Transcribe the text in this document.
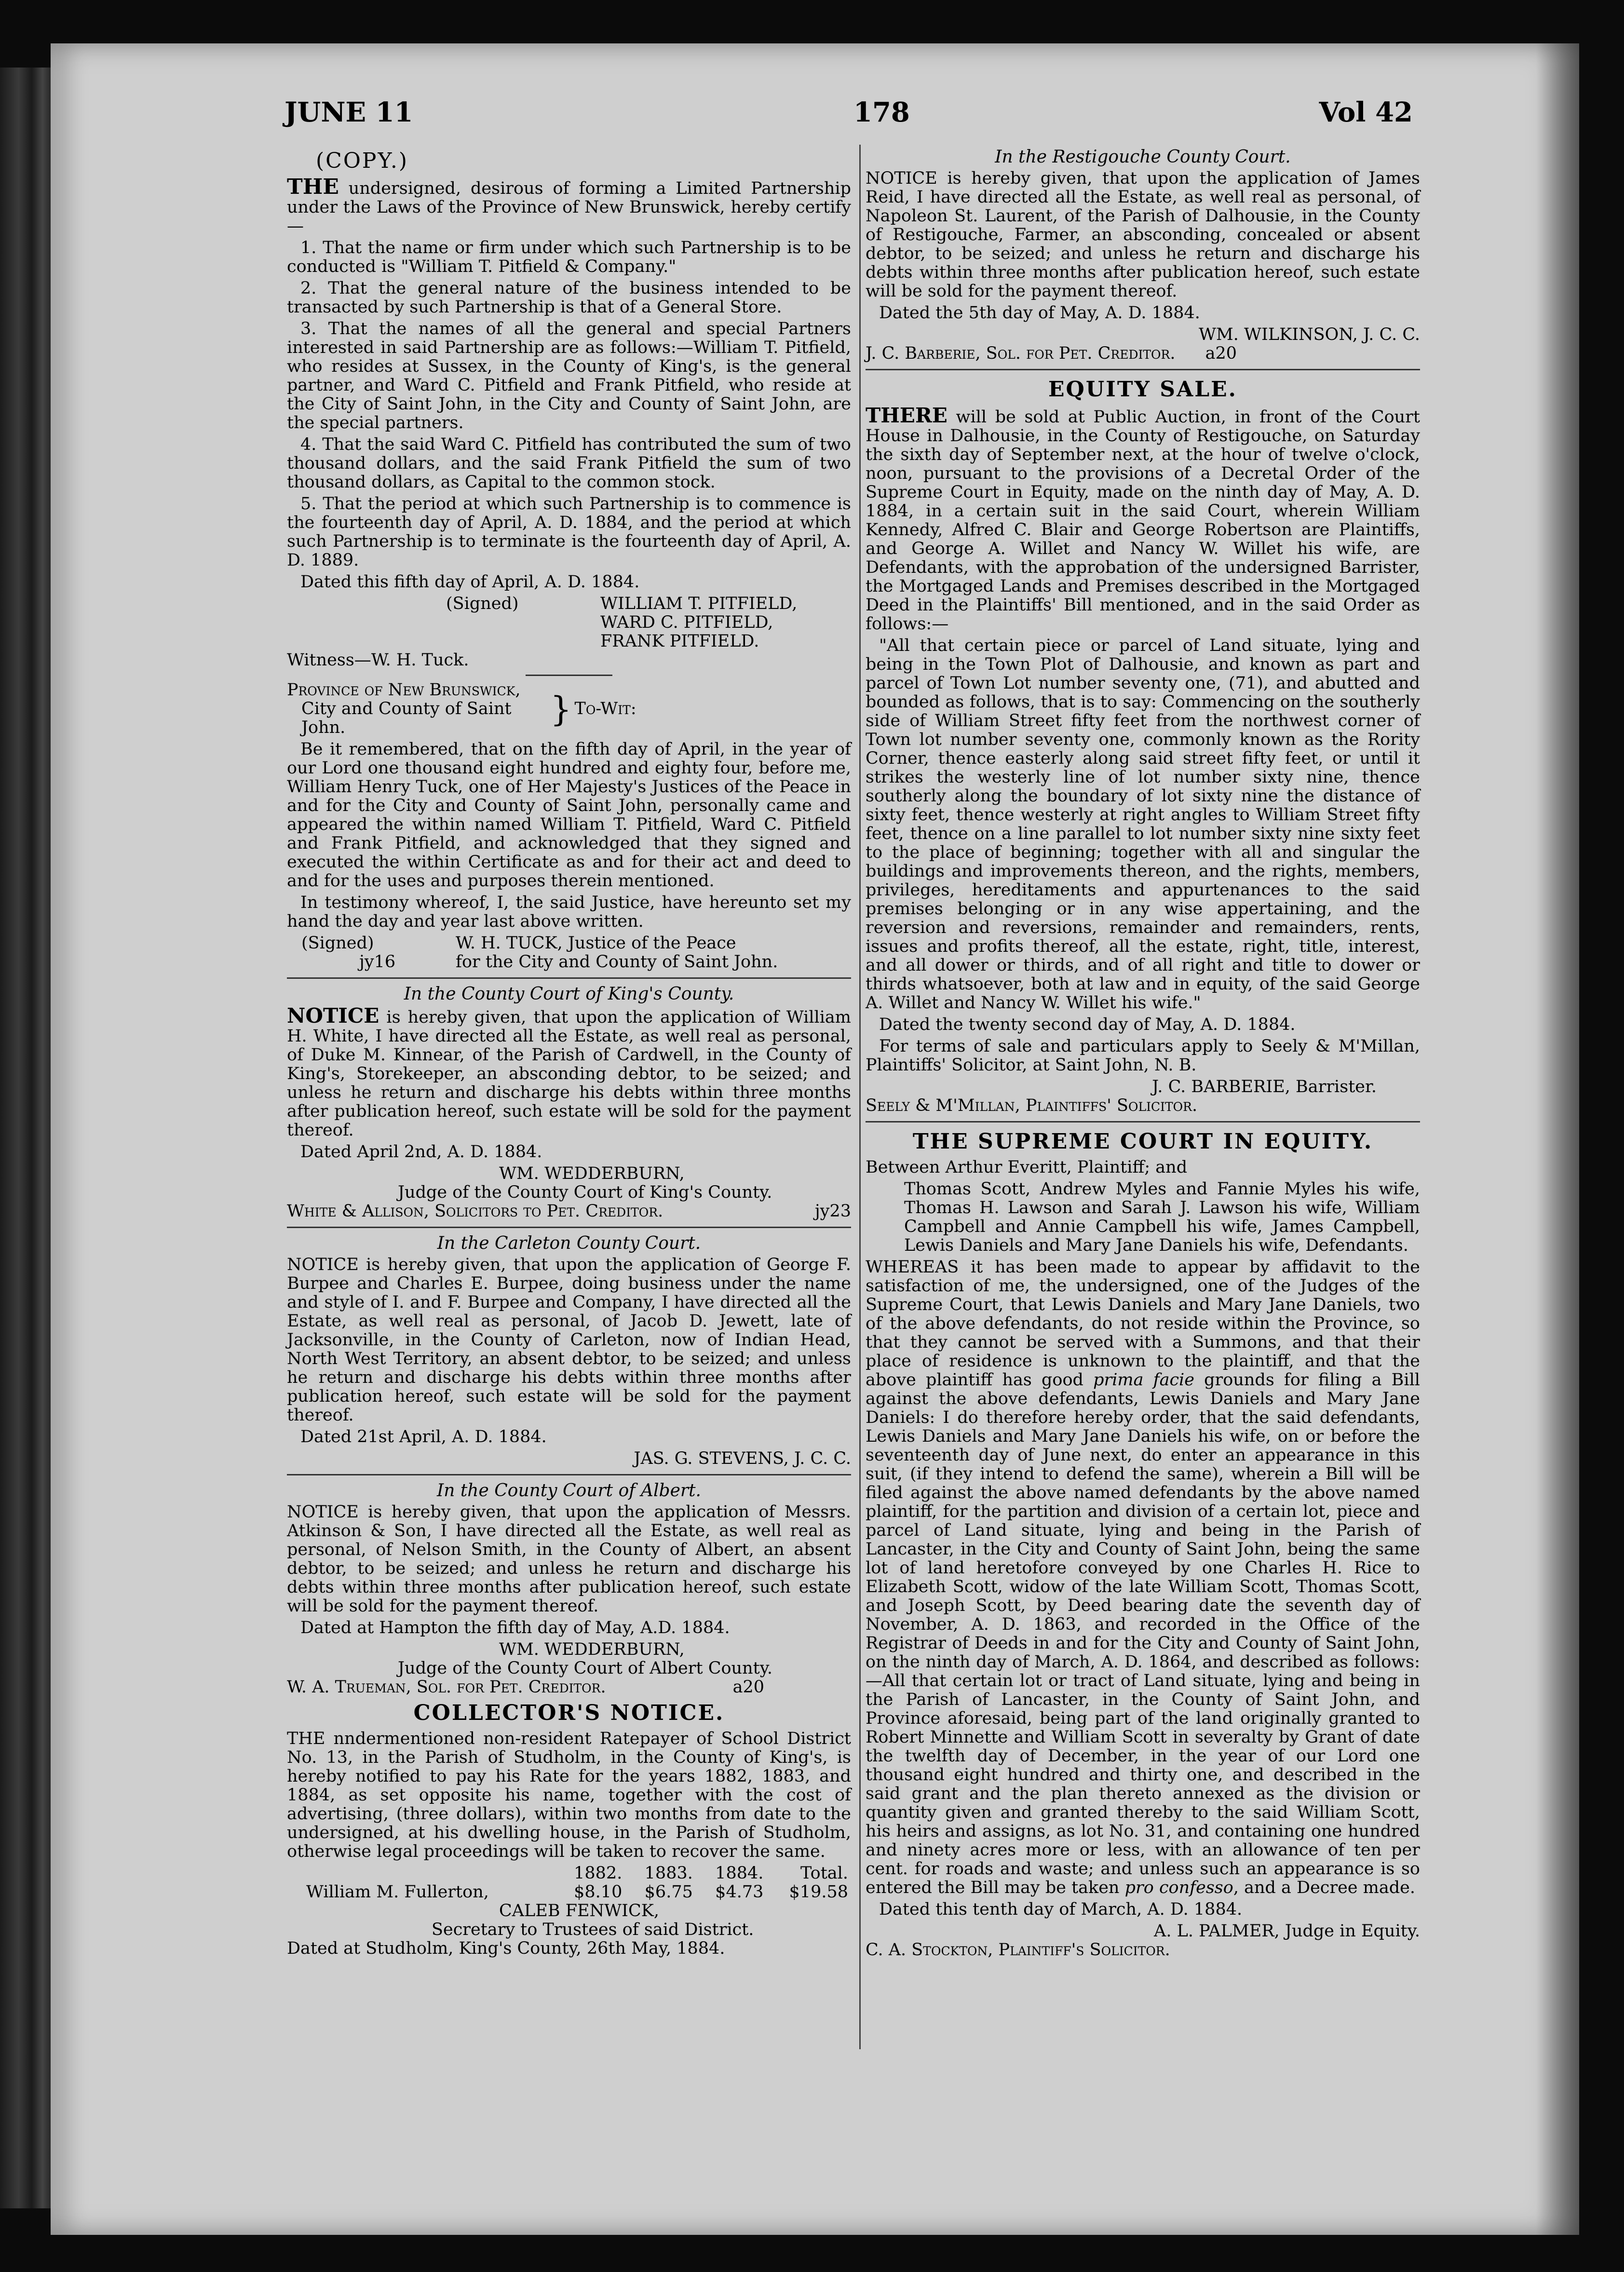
JUNE 11	178	Vol 42
(COPY.)

THE undersigned, desirous of forming a Limited Partnership under the Laws of the Province of New Brunswick, hereby certify—

1. That the name or firm under which such Partnership is to be conducted is "William T. Pitfield & Company."

2. That the general nature of the business intended to be transacted by such Partnership is that of a General Store.

3. That the names of all the general and special Partners interested in said Partnership are as follows:—William T. Pitfield, who resides at Sussex, in the County of King's, is the general partner, and Ward C. Pitfield and Frank Pitfield, who reside at the City of Saint John, in the City and County of Saint John, are the special partners.

4. That the said Ward C. Pitfield has contributed the sum of two thousand dollars, and the said Frank Pitfield the sum of two thousand dollars, as Capital to the common stock.

5. That the period at which such Partnership is to commence is the fourteenth day of April, A. D. 1884, and the period at which such Partnership is to terminate is the fourteenth day of April, A. D. 1889.

Dated this fifth day of April, A. D. 1884.

(Signed)	WILLIAM T. PITFIELD,
WARD C. PITFIELD,
FRANK PITFIELD.

Witness—W. H. Tuck.

Province of New Brunswick,
City and County of Saint John.	} To-Wit:

Be it remembered, that on the fifth day of April, in the year of our Lord one thousand eight hundred and eighty four, before me, William Henry Tuck, one of Her Majesty's Justices of the Peace in and for the City and County of Saint John, personally came and appeared the within named William T. Pitfield, Ward C. Pitfield and Frank Pitfield, and acknowledged that they signed and executed the within Certificate as and for their act and deed to and for the uses and purposes therein mentioned.

In testimony whereof, I, the said Justice, have hereunto set my hand the day and year last above written.

(Signed)	W. H. TUCK, Justice of the Peace
jy16	for the City and County of Saint John.
In the County Court of King's County.

NOTICE is hereby given, that upon the application of William H. White, I have directed all the Estate, as well real as personal, of Duke M. Kinnear, of the Parish of Cardwell, in the County of King's, Storekeeper, an absconding debtor, to be seized; and unless he return and discharge his debts within three months after publication hereof, such estate will be sold for the payment thereof.

Dated April 2nd, A. D. 1884.

WM. WEDDERBURN,
Judge of the County Court of King's County.
White & Allison, Solicitors to Pet. Creditor.	jy23
In the Carleton County Court.

NOTICE is hereby given, that upon the application of George F. Burpee and Charles E. Burpee, doing business under the name and style of I. and F. Burpee and Company, I have directed all the Estate, as well real as personal, of Jacob D. Jewett, late of Jacksonville, in the County of Carleton, now of Indian Head, North West Territory, an absent debtor, to be seized; and unless he return and discharge his debts within three months after publication hereof, such estate will be sold for the payment thereof.

Dated 21st April, A. D. 1884.

JAS. G. STEVENS, J. C. C.
In the County Court of Albert.

NOTICE is hereby given, that upon the application of Messrs. Atkinson & Son, I have directed all the Estate, as well real as personal, of Nelson Smith, in the County of Albert, an absent debtor, to be seized; and unless he return and discharge his debts within three months after publication hereof, such estate will be sold for the payment thereof.

Dated at Hampton the fifth day of May, A.D. 1884.

WM. WEDDERBURN,
Judge of the County Court of Albert County.
W. A. Trueman, Sol. for Pet. Creditor.	a20
COLLECTOR'S NOTICE.

THE nndermentioned non-resident Ratepayer of School District No. 13, in the Parish of Studholm, in the County of King's, is hereby notified to pay his Rate for the years 1882, 1883, and 1884, as set opposite his name, together with the cost of advertising, (three dollars), within two months from date to the undersigned, at his dwelling house, in the Parish of Studholm, otherwise legal proceedings will be taken to recover the same.

	1882.	1883.	1884.	Total.
William M. Fullerton,	$8.10	$6.75	$4.73	$19.58
CALEB FENWICK,
Secretary to Trustees of said District.

Dated at Studholm, King's County, 26th May, 1884.

In the Restigouche County Court.

NOTICE is hereby given, that upon the application of James Reid, I have directed all the Estate, as well real as personal, of Napoleon St. Laurent, of the Parish of Dalhousie, in the County of Restigouche, Farmer, an absconding, concealed or absent debtor, to be seized; and unless he return and discharge his debts within three months after publication hereof, such estate will be sold for the payment thereof.

Dated the 5th day of May, A. D. 1884.

WM. WILKINSON, J. C. C.
J. C. Barberie, Sol. for Pet. Creditor. a20
EQUITY SALE.

THERE will be sold at Public Auction, in front of the Court House in Dalhousie, in the County of Restigouche, on Saturday the sixth day of September next, at the hour of twelve o'clock, noon, pursuant to the provisions of a Decretal Order of the Supreme Court in Equity, made on the ninth day of May, A. D. 1884, in a certain suit in the said Court, wherein William Kennedy, Alfred C. Blair and George Robertson are Plaintiffs, and George A. Willet and Nancy W. Willet his wife, are Defendants, with the approbation of the undersigned Barrister, the Mortgaged Lands and Premises described in the Mortgaged Deed in the Plaintiffs' Bill mentioned, and in the said Order as follows:—

"All that certain piece or parcel of Land situate, lying and being in the Town Plot of Dalhousie, and known as part and parcel of Town Lot number seventy one, (71), and abutted and bounded as follows, that is to say: Commencing on the southerly side of William Street fifty feet from the northwest corner of Town lot number seventy one, commonly known as the Rority Corner, thence easterly along said street fifty feet, or until it strikes the westerly line of lot number sixty nine, thence southerly along the boundary of lot sixty nine the distance of sixty feet, thence westerly at right angles to William Street fifty feet, thence on a line parallel to lot number sixty nine sixty feet to the place of beginning; together with all and singular the buildings and improvements thereon, and the rights, members, privileges, hereditaments and appurtenances to the said premises belonging or in any wise appertaining, and the reversion and reversions, remainder and remainders, rents, issues and profits thereof, all the estate, right, title, interest, and all dower or thirds, and of all right and title to dower or thirds whatsoever, both at law and in equity, of the said George A. Willet and Nancy W. Willet his wife."

Dated the twenty second day of May, A. D. 1884.

For terms of sale and particulars apply to Seely & M'Millan, Plaintiffs' Solicitor, at Saint John, N. B.

J. C. BARBERIE, Barrister.
Seely & M'Millan, Plaintiffs' Solicitor.
THE SUPREME COURT IN EQUITY.

Between Arthur Everitt, Plaintiff; and

Thomas Scott, Andrew Myles and Fannie Myles his wife, Thomas H. Lawson and Sarah J. Lawson his wife, William Campbell and Annie Campbell his wife, James Campbell, Lewis Daniels and Mary Jane Daniels his wife, Defendants.

WHEREAS it has been made to appear by affidavit to the satisfaction of me, the undersigned, one of the Judges of the Supreme Court, that Lewis Daniels and Mary Jane Daniels, two of the above defendants, do not reside within the Province, so that they cannot be served with a Summons, and that their place of residence is unknown to the plaintiff, and that the above plaintiff has good prima facie grounds for filing a Bill against the above defendants, Lewis Daniels and Mary Jane Daniels: I do therefore hereby order, that the said defendants, Lewis Daniels and Mary Jane Daniels his wife, on or before the seventeenth day of June next, do enter an appearance in this suit, (if they intend to defend the same), wherein a Bill will be filed against the above named defendants by the above named plaintiff, for the partition and division of a certain lot, piece and parcel of Land situate, lying and being in the Parish of Lancaster, in the City and County of Saint John, being the same lot of land heretofore conveyed by one Charles H. Rice to Elizabeth Scott, widow of the late William Scott, Thomas Scott, and Joseph Scott, by Deed bearing date the seventh day of November, A. D. 1863, and recorded in the Office of the Registrar of Deeds in and for the City and County of Saint John, on the ninth day of March, A. D. 1864, and described as follows:—All that certain lot or tract of Land situate, lying and being in the Parish of Lancaster, in the County of Saint John, and Province aforesaid, being part of the land originally granted to Robert Minnette and William Scott in severalty by Grant of date the twelfth day of December, in the year of our Lord one thousand eight hundred and thirty one, and described in the said grant and the plan thereto annexed as the division or quantity given and granted thereby to the said William Scott, his heirs and assigns, as lot No. 31, and containing one hundred and ninety acres more or less, with an allowance of ten per cent. for roads and waste; and unless such an appearance is so entered the Bill may be taken pro confesso, and a Decree made.

Dated this tenth day of March, A. D. 1884.

A. L. PALMER, Judge in Equity.
C. A. Stockton, Plaintiff's Solicitor.
